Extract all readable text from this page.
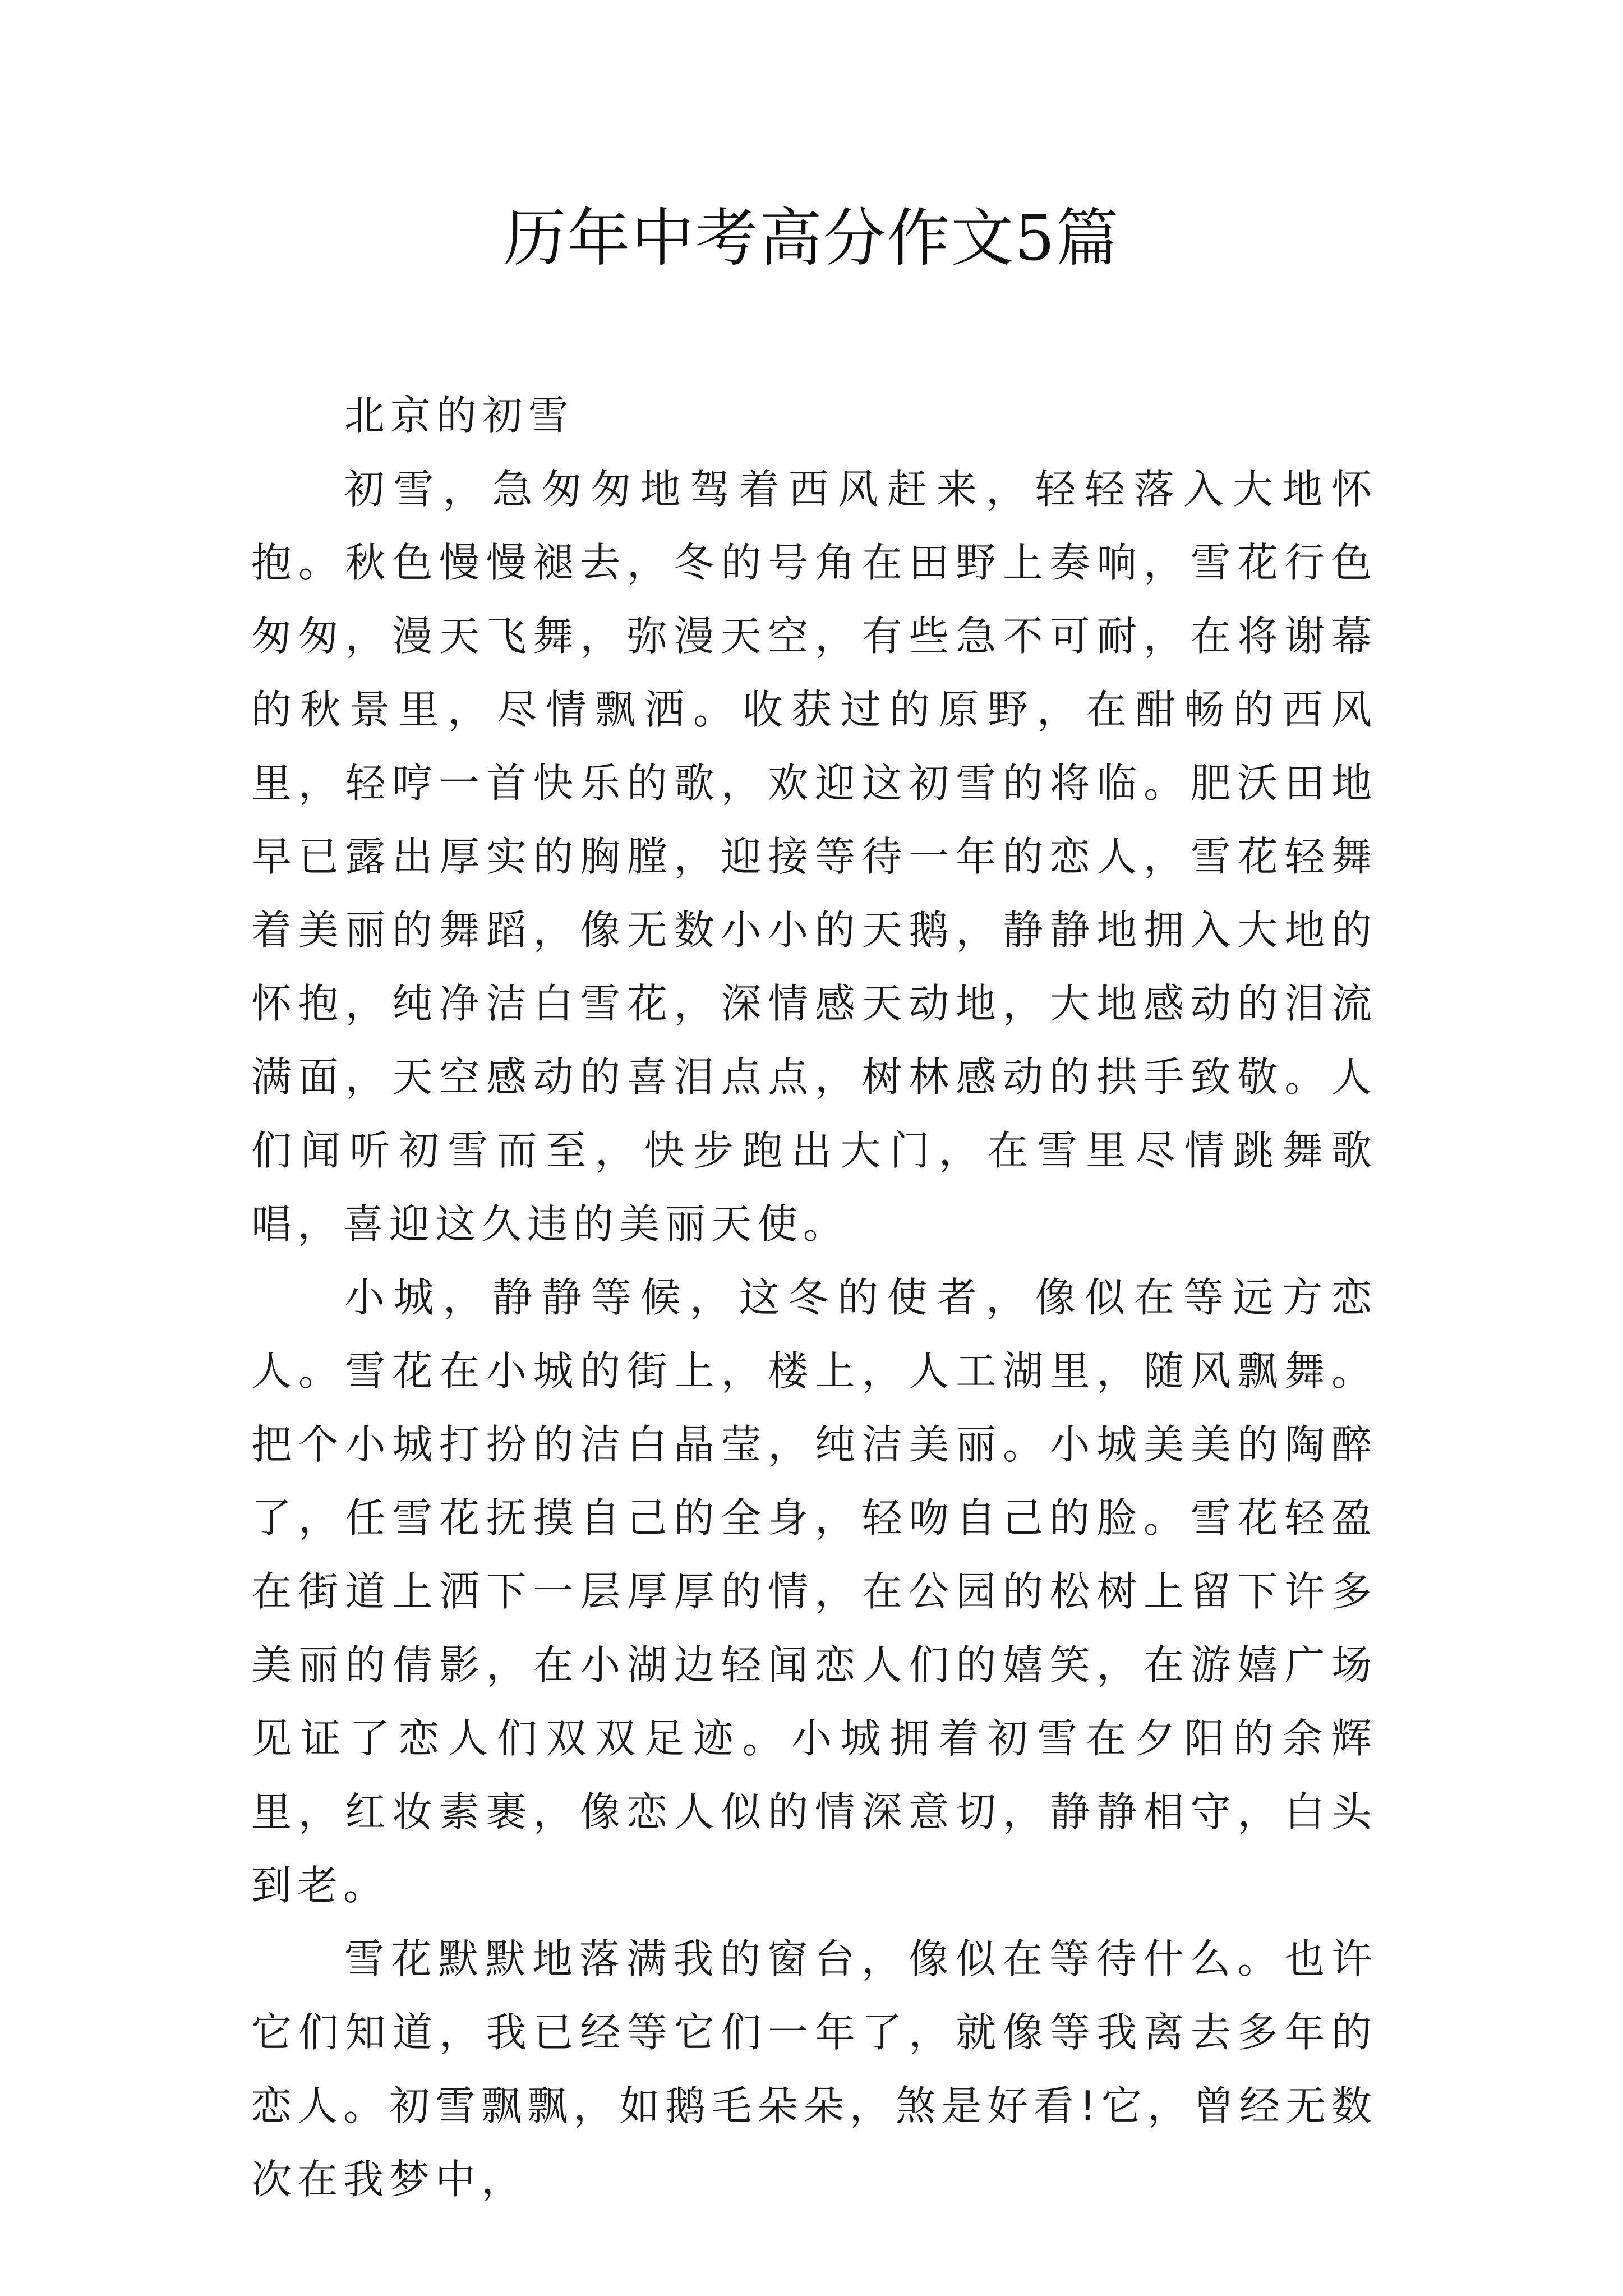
历年中考高分作文5篇

北京的初雪

初雪，急匆匆地驾着西风赶来，轻轻落入大地怀抱。秋色慢慢褪去，冬的号角在田野上奏响，雪花行色匆匆，漫天飞舞，弥漫天空，有些急不可耐，在将谢幕的秋景里，尽情飘洒。收获过的原野，在酣畅的西风里，轻哼一首快乐的歌，欢迎这初雪的将临。肥沃田地早已露出厚实的胸膛，迎接等待一年的恋人，雪花轻舞着美丽的舞蹈，像无数小小的天鹅，静静地拥入大地的怀抱，纯净洁白雪花，深情感天动地，大地感动的泪流满面，天空感动的喜泪点点，树林感动的拱手致敬。人们闻听初雪而至，快步跑出大门，在雪里尽情跳舞歌唱，喜迎这久违的美丽天使。

小城，静静等候，这冬的使者，像似在等远方恋人。雪花在小城的街上，楼上，人工湖里，随风飘舞。把个小城打扮的洁白晶莹，纯洁美丽。小城美美的陶醉了，任雪花抚摸自己的全身，轻吻自己的脸。雪花轻盈在街道上洒下一层厚厚的情，在公园的松树上留下许多美丽的倩影，在小湖边轻闻恋人们的嬉笑，在游嬉广场见证了恋人们双双足迹。小城拥着初雪在夕阳的余辉里，红妆素裹，像恋人似的情深意切，静静相守，白头到老。

雪花默默地落满我的窗台，像似在等待什么。也许它们知道，我已经等它们一年了，就像等我离去多年的恋人。初雪飘飘，如鹅毛朵朵，煞是好看!它，曾经无数次在我梦中，
